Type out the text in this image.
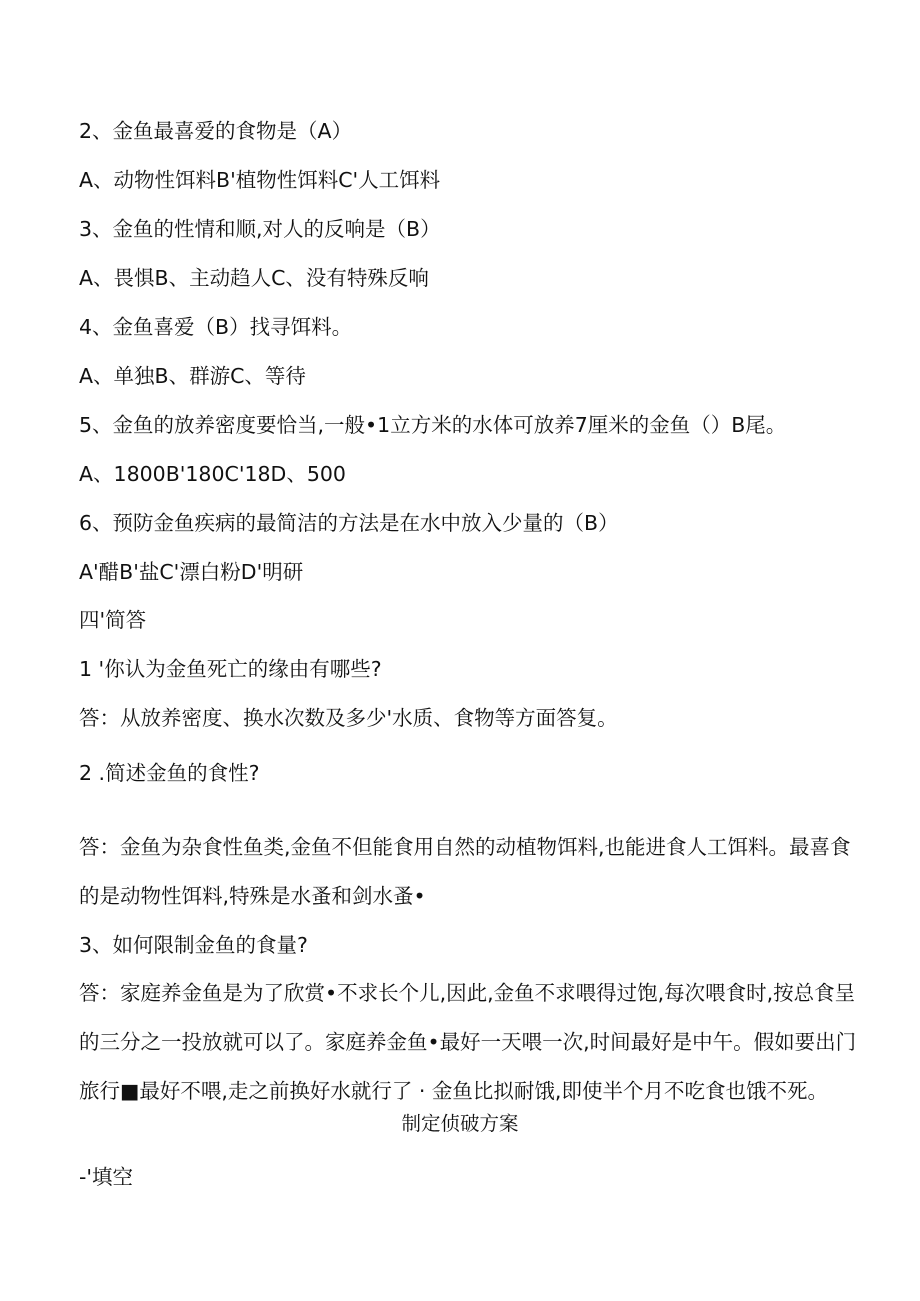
2、金鱼最喜爱的食物是（A）
A、动物性饵料B'植物性饵料C'人工饵料
3、金鱼的性情和顺,对人的反响是（B）
A、畏惧B、主动趋人C、没有特殊反响
4、金鱼喜爱（B）找寻饵料。
A、单独B、群游C、等待
5、金鱼的放养密度要恰当,一般•1立方米的水体可放养7厘米的金鱼（）B尾。
A、1800B'180C'18D、500
6、预防金鱼疾病的最简洁的方法是在水中放入少量的（B）
A'醋B'盐C'漂白粉D'明研
四'简答
1 '你认为金鱼死亡的缘由有哪些?
答：从放养密度、换水次数及多少'水质、食物等方面答复。
2 .简述金鱼的食性?
答：金鱼为杂食性鱼类,金鱼不但能食用自然的动植物饵料,也能进食人工饵料。最喜食
的是动物性饵料,特殊是水蚤和剑水蚤•
3、如何限制金鱼的食量?
答：家庭养金鱼是为了欣赏•不求长个儿,因此,金鱼不求喂得过饱,每次喂食时,按总食呈
的三分之一投放就可以了。家庭养金鱼•最好一天喂一次,时间最好是中午。假如要出门
旅行■最好不喂,走之前换好水就行了 · 金鱼比拟耐饿,即使半个月不吃食也饿不死。
制定侦破方案
-'填空
